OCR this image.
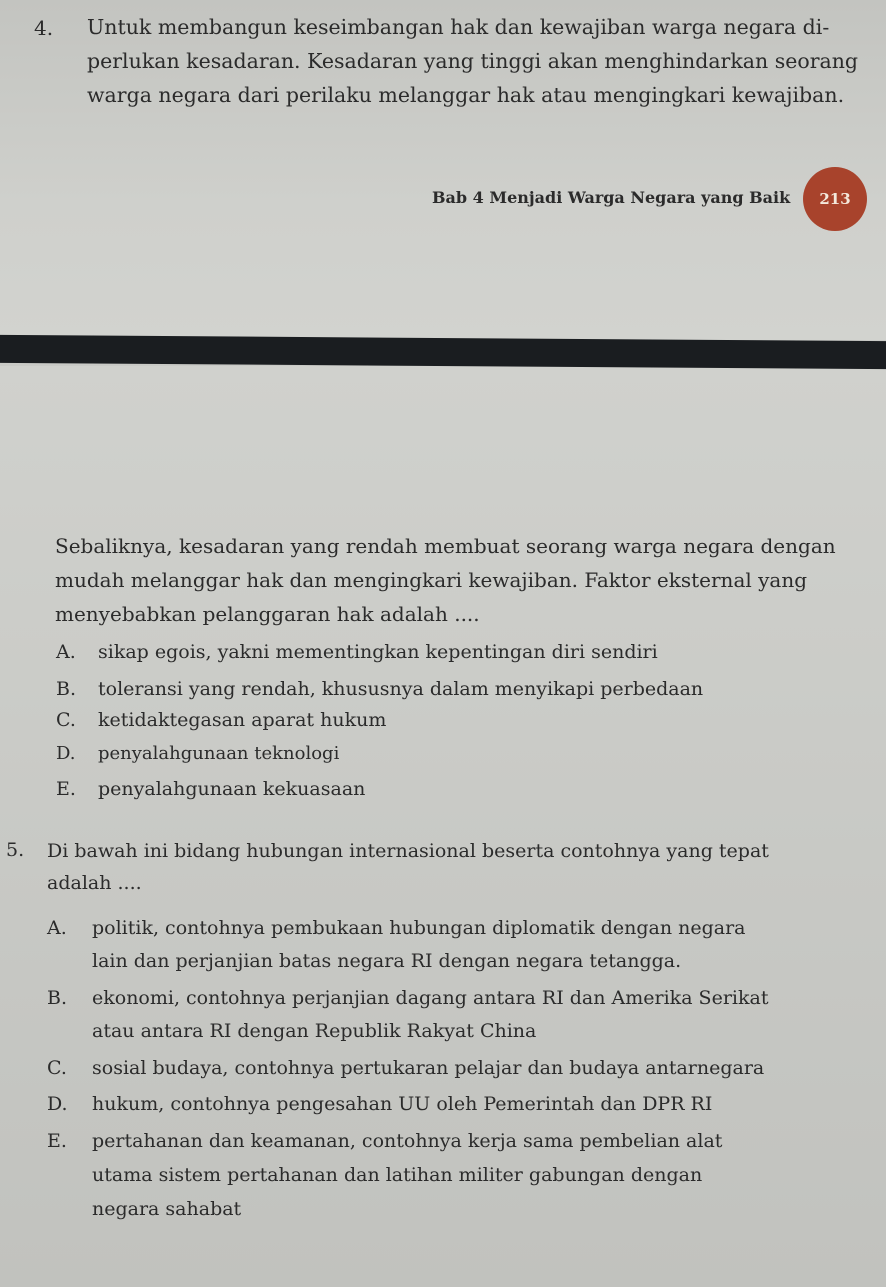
4. Untuk membangun keseimbangan hak dan kewajiban warga negara di-
perlukan kesadaran. Kesadaran yang tinggi akan menghindarkan seorang
warga negara dari perilaku melanggar hak atau mengingkari kewajiban.
Bab 4 Menjadi Warga Negara yang Baik	213
Sebaliknya, kesadaran yang rendah membuat seorang warga negara dengan
mudah melanggar hak dan mengingkari kewajiban. Faktor eksternal yang
menyebabkan pelanggaran hak adalah ....
A. sikap egois, yakni mementingkan kepentingan diri sendiri
B. toleransi yang rendah, khususnya dalam menyikapi perbedaan
C. ketidaktegasan aparat hukum
D. penyalahgunaan teknologi
E. penyalahgunaan kekuasaan
5. Di bawah ini bidang hubungan internasional beserta contohnya yang tepat
adalah ....
A. politik, contohnya pembukaan hubungan diplomatik dengan negara
lain dan perjanjian batas negara RI dengan negara tetangga.
B. ekonomi, contohnya perjanjian dagang antara RI dan Amerika Serikat
atau antara RI dengan Republik Rakyat China
C. sosial budaya, contohnya pertukaran pelajar dan budaya antarnegara
D. hukum, contohnya pengesahan UU oleh Pemerintah dan DPR RI
E. pertahanan dan keamanan, contohnya kerja sama pembelian alat
utama sistem pertahanan dan latihan militer gabungan dengan
negara sahabat
